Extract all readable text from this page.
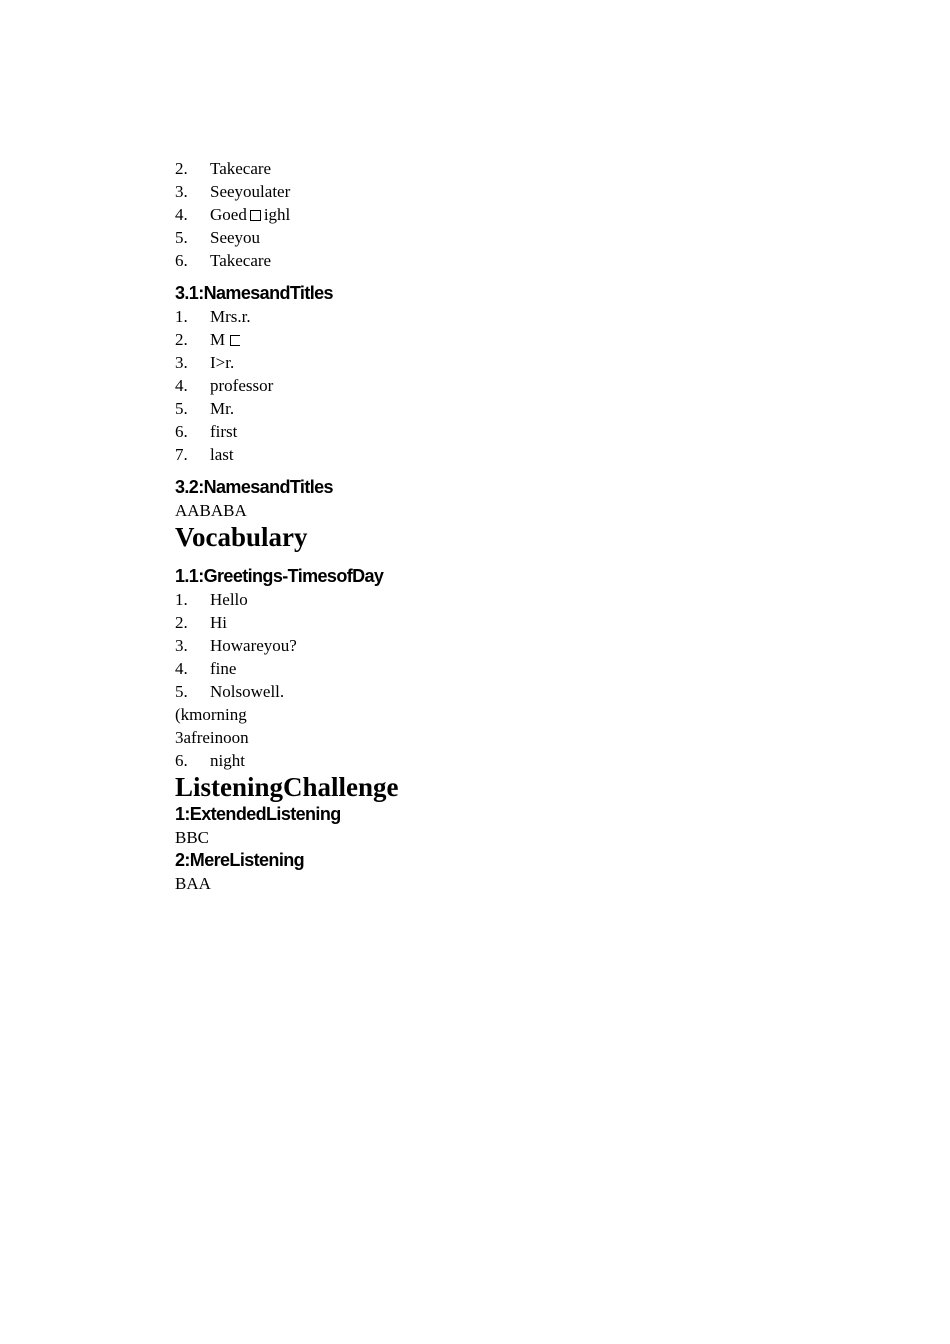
2.	Takecare
3.	Seeyoulater
4.	Goed ighl
5.	Seeyou
6.	Takecare
3.1:NamesandTitles
1.	Mrs.r.
2.	M
3.	I>r.
4.	professor
5.	Mr.
6.	first
7.	last
3.2:NamesandTitles
AABABA
Vocabulary
1.1:Greetings-TimesofDay
1.	Hello
2.	Hi
3.	Howareyou?
4.	fine
5.	Nolsowell.
(kmorning
3afreinoon
6.	night
ListeningChallenge
1:ExtendedListening
BBC
2:MereListening
BAA
